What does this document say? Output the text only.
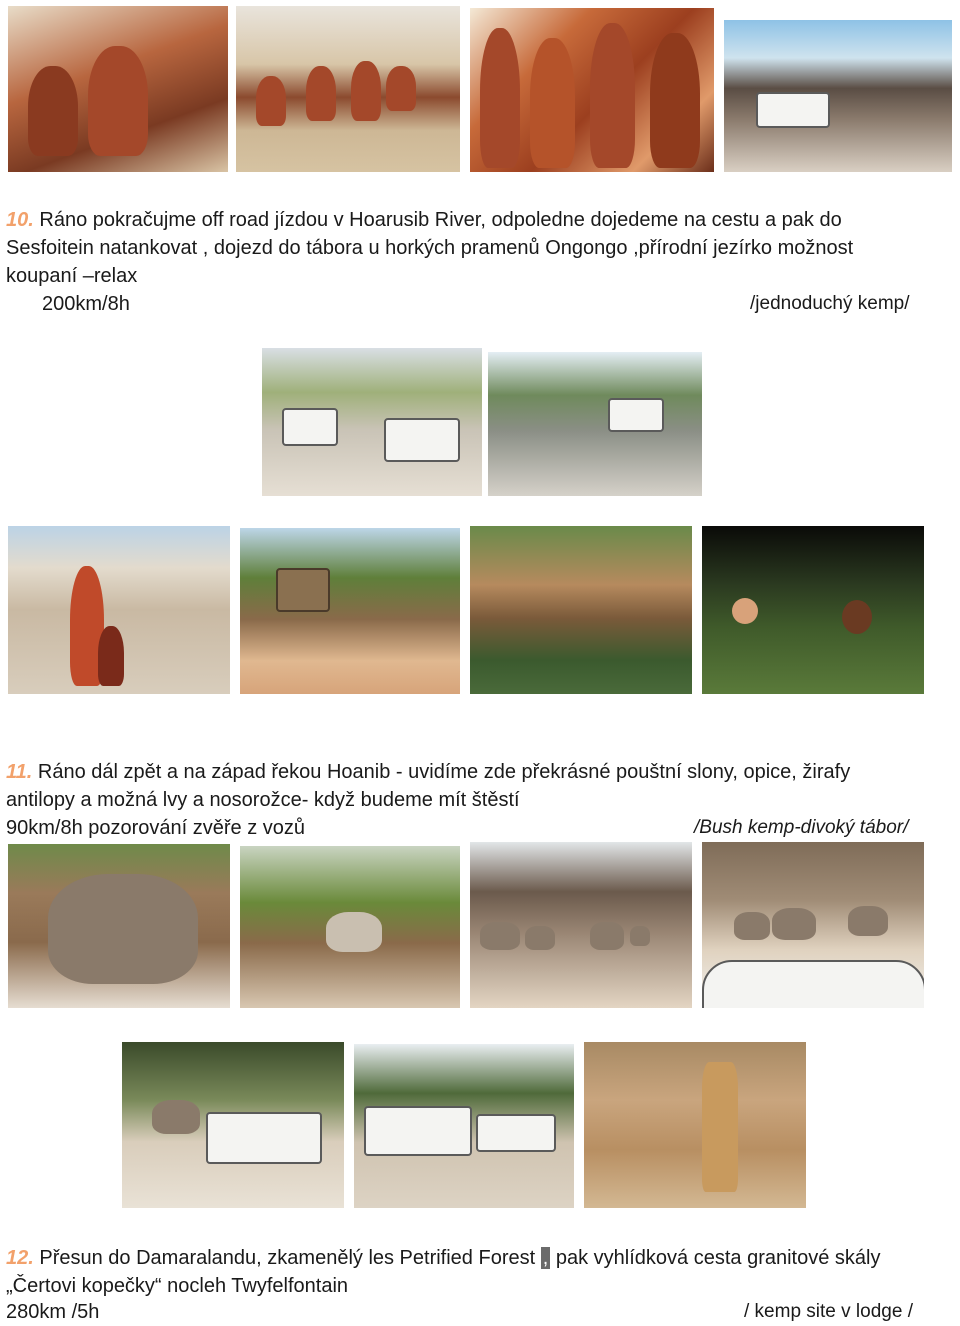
10. Ráno pokračujme off road jízdou v Hoarusib River, odpoledne dojedeme na cestu a pak do
Sesfoitein natankovat , dojezd do tábora u horkých pramenů Ongongo ,přírodní jezírko možnost
koupaní –relax
200km/8h	/jednoduchý kemp/
11. Ráno dál zpět a na západ řekou Hoanib - uvidíme zde překrásné pouštní slony, opice, žirafy
antilopy a možná lvy a nosorožce- když budeme mít štěstí
90km/8h pozorování zvěře z vozů	/Bush kemp-divoký tábor/
12. Přesun do Damaralandu, zkamenělý les Petrified Forest , pak vyhlídková cesta granitové skály
„Čertovi kopečky“ nocleh Twyfelfontain
280km /5h	/ kemp site v lodge /
